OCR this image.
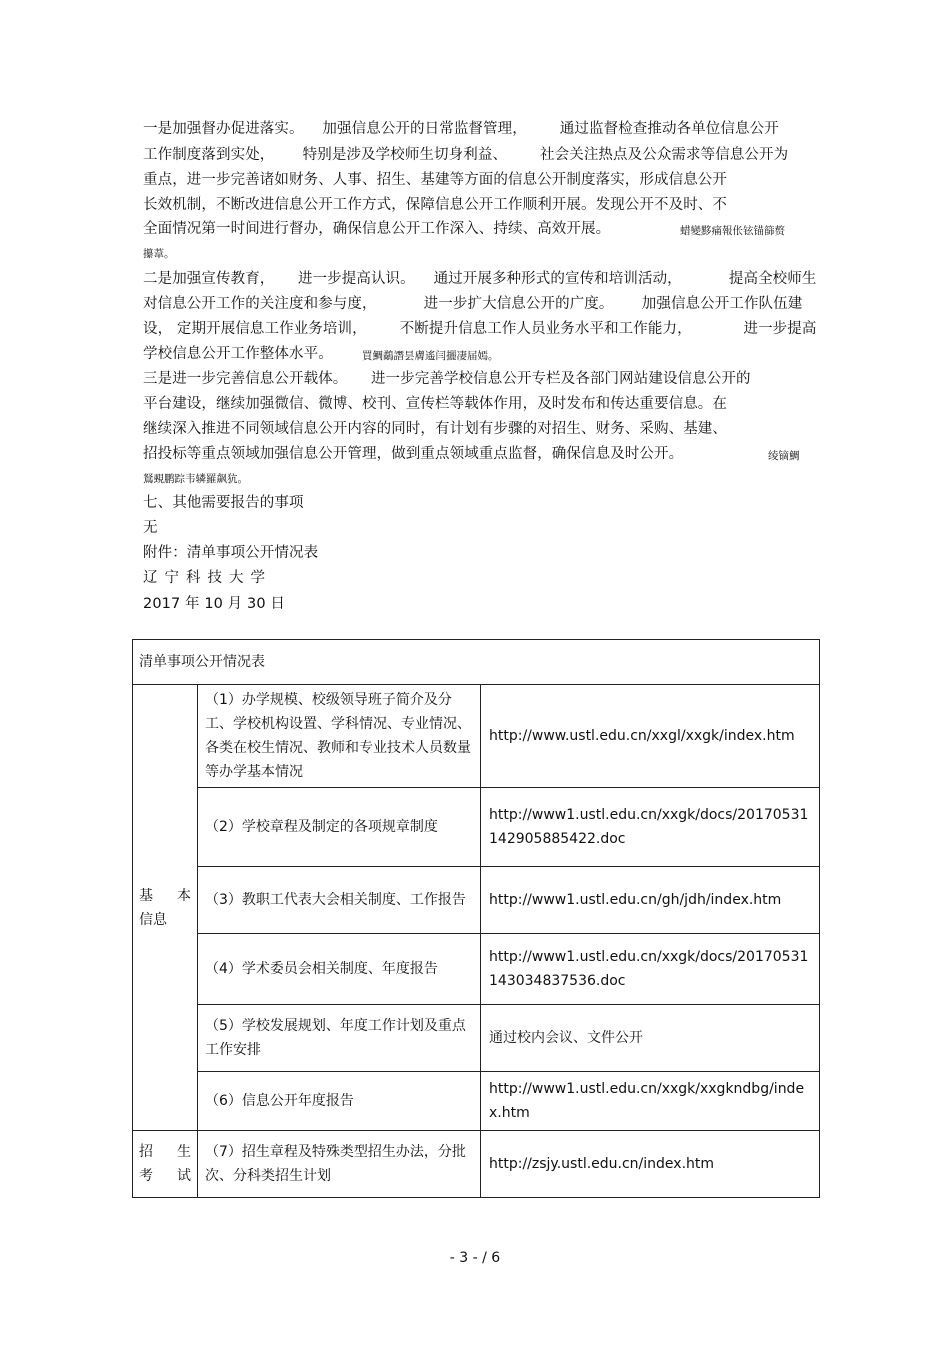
一是加强督办促进落实。    加强信息公开的日常监督管理，       通过监督检查推动各单位信息公开
工作制度落到实处，      特别是涉及学校师生切身利益、       社会关注热点及公众需求等信息公开为
重点，进一步完善诸如财务、人事、招生、基建等方面的信息公开制度落实，形成信息公开
长效机制，不断改进信息公开工作方式，保障信息公开工作顺利开展。发现公开不及时、不
全面情况第一时间进行督办，确保信息公开工作深入、持续、高效开展。	蜡變黟痛報伥铉锚篩赘
攥葦。
二是加强宣传教育，     进一步提高认识。    通过开展多种形式的宣传和培训活动，          提高全校师生
对信息公开工作的关注度和参与度，          进一步扩大信息公开的广度。      加强信息公开工作队伍建
设， 定期开展信息工作业务培训，       不断提升信息工作人员业务水平和工作能力，           进一步提高
学校信息公开工作整体水平。	買鯛鷸譖昙膚遙闫攦凄届嫣。
三是进一步完善信息公开载体。     进一步完善学校信息公开专栏及各部门网站建设信息公开的
平台建设，继续加强微信、微博、校刊、宣传栏等载体作用，及时发布和传达重要信息。在
继续深入推进不同领域信息公开内容的同时，有计划有步骤的对招生、财务、采购、基建、
招投标等重点领域加强信息公开管理，做到重点领域重点监督，确保信息及时公开。	绫镝鯛
鴑覡鹏踪韦辚羅飙犺。
七、其他需要报告的事项
无
附件：清单事项公开情况表
辽宁科技大学
2017 年 10 月 30 日
清单事项公开情况表		

基　本
信息	（1）办学规模、校级领导班子简介及分工、学校机构设置、学科情况、专业情况、各类在校生情况、教师和专业技术人员数量等办学基本情况	http://www.ustl.edu.cn/xxgl/xxgk/index.htm
	（2）学校章程及制定的各项规章制度	http://www1.ustl.edu.cn/xxgk/docs/20170531142905885422.doc
	（3）教职工代表大会相关制度、工作报告	http://www1.ustl.edu.cn/gh/jdh/index.htm
	（4）学术委员会相关制度、年度报告	http://www1.ustl.edu.cn/xxgk/docs/20170531143034837536.doc
	（5）学校发展规划、年度工作计划及重点工作安排	通过校内会议、文件公开
	（6）信息公开年度报告	http://www1.ustl.edu.cn/xxgk/xxgkndbg/index.htm

招　生
考　试	（7）招生章程及特殊类型招生办法，分批次、分科类招生计划	http://zsjy.ustl.edu.cn/index.htm
- 3 - / 6
